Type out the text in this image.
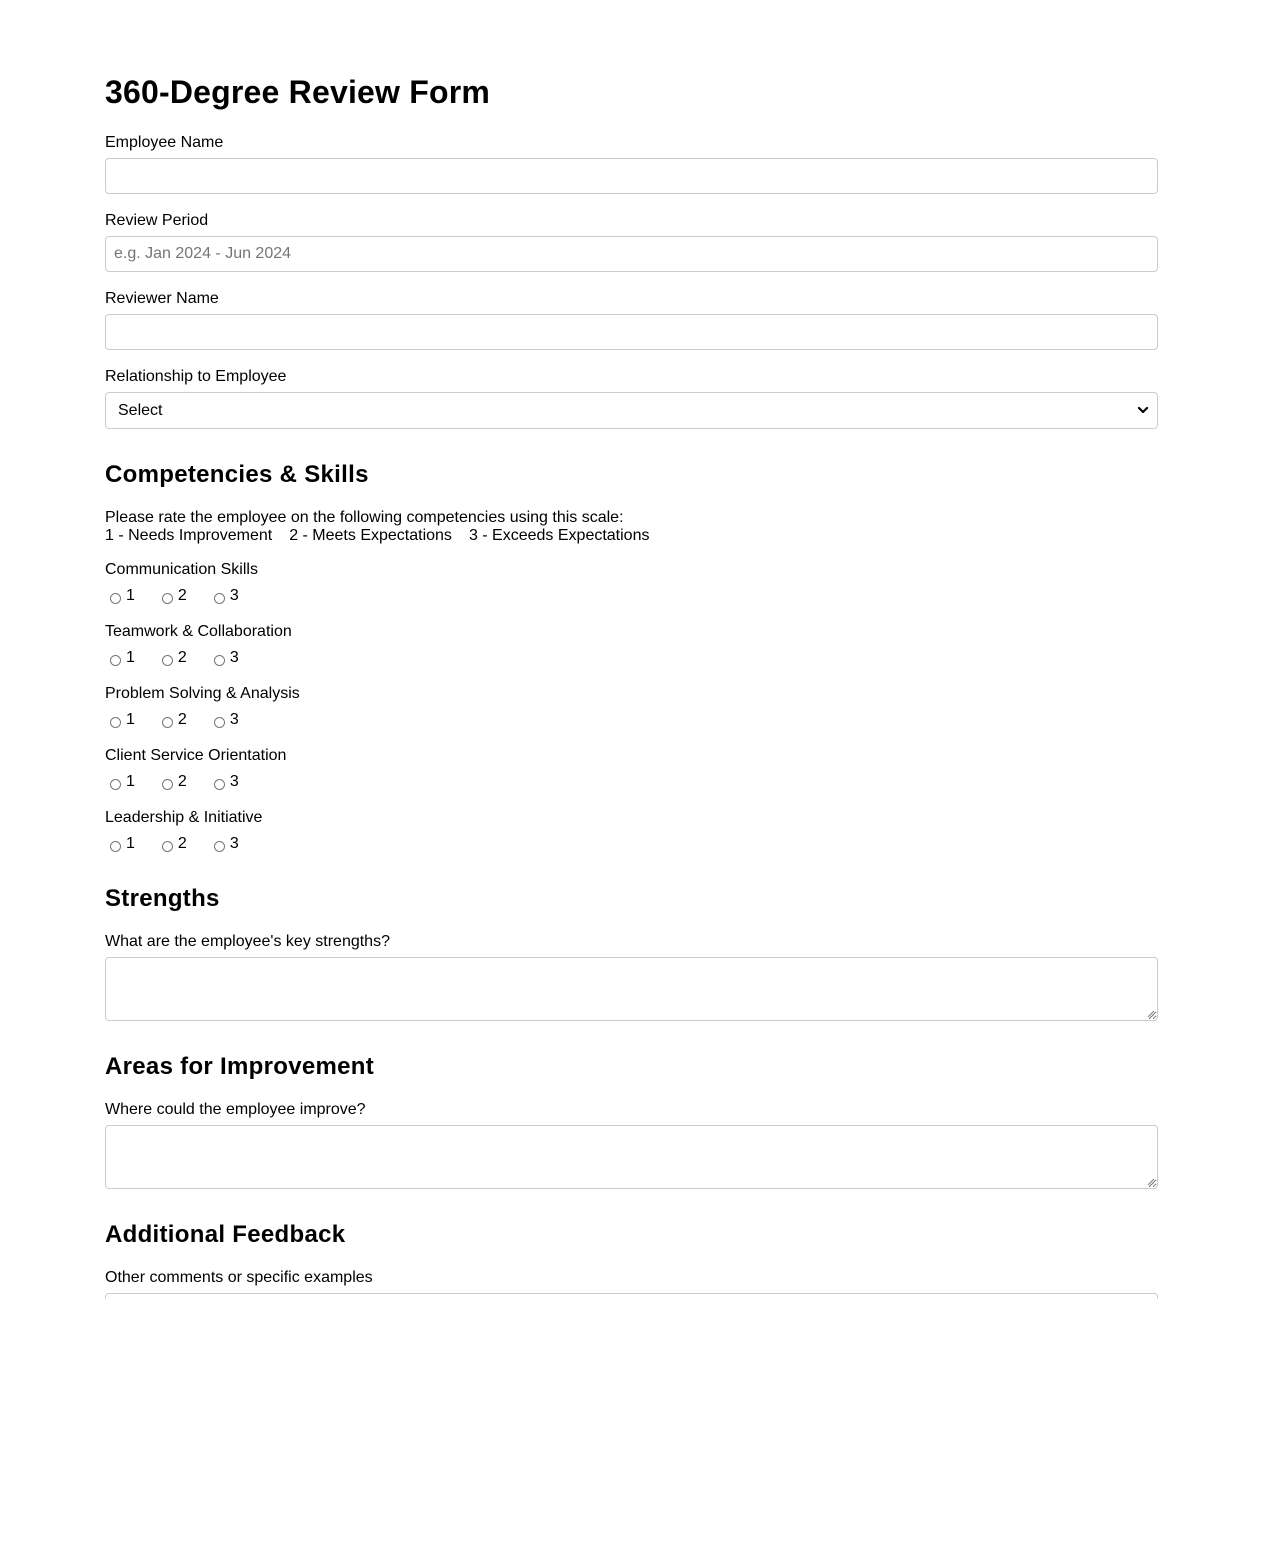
360-Degree Review Form
Employee Name
Review Period
e.g. Jan 2024 - Jun 2024
Reviewer Name
Relationship to Employee
Select
Competencies & Skills
Please rate the employee on the following competencies using this scale:
1 - Needs Improvement 2 - Meets Expectations 3 - Exceeds Expectations
Communication Skills
1	2	3
Teamwork & Collaboration
1	2	3
Problem Solving & Analysis
1	2	3
Client Service Orientation
1	2	3
Leadership & Initiative
1	2	3
Strengths
What are the employee's key strengths?
Areas for Improvement
Where could the employee improve?
Additional Feedback
Other comments or specific examples
